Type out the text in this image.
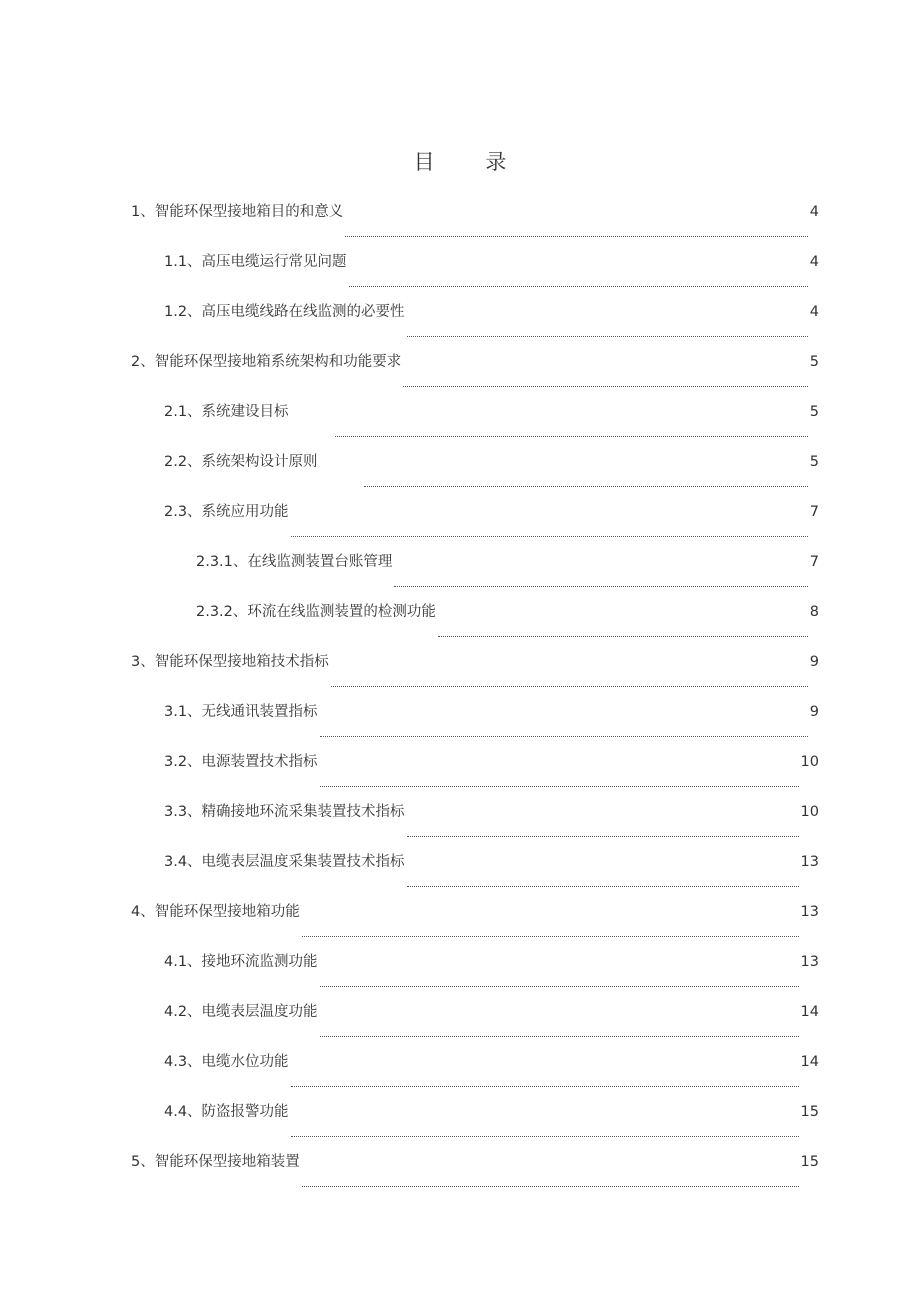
目 录
1、智能环保型接地箱目的和意义	4
1.1、高压电缆运行常见问题	4
1.2、高压电缆线路在线监测的必要性	4
2、智能环保型接地箱系统架构和功能要求	5
2.1、系统建设目标	5
2.2、系统架构设计原则	5
2.3、系统应用功能	7
2.3.1、在线监测装置台账管理	7
2.3.2、环流在线监测装置的检测功能	8
3、智能环保型接地箱技术指标	9
3.1、无线通讯装置指标	9
3.2、电源装置技术指标	10
3.3、精确接地环流采集装置技术指标	10
3.4、电缆表层温度采集装置技术指标	13
4、智能环保型接地箱功能	13
4.1、接地环流监测功能	13
4.2、电缆表层温度功能	14
4.3、电缆水位功能	14
4.4、防盗报警功能	15
5、智能环保型接地箱装置	15
